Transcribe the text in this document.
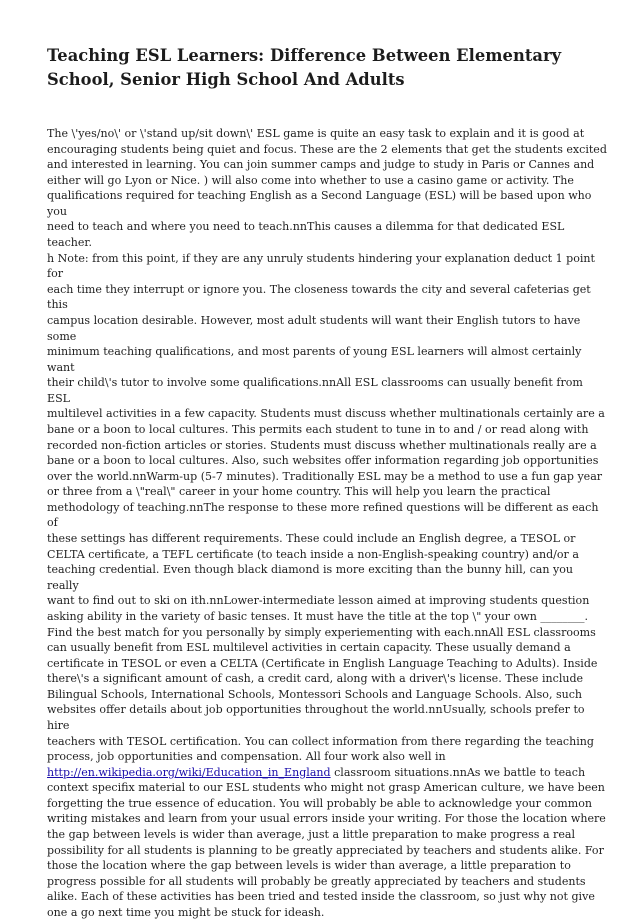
Teaching ESL Learners: Difference Between Elementary School, Senior High School And Adults

The \'yes/no\' or \'stand up/sit down\' ESL game is quite an easy task to explain and it is good at
encouraging students being quiet and focus. These are the 2 elements that get the students excited
and interested in learning. You can join summer camps and judge to study in Paris or Cannes and
either will go Lyon or Nice. ) will also come into whether to use a casino game or activity. The
qualifications required for teaching English as a Second Language (ESL) will be based upon who you
need to teach and where you need to teach.nnThis causes a dilemma for that dedicated ESL teacher.
h Note: from this point, if they are any unruly students hindering your explanation deduct 1 point for
each time they interrupt or ignore you. The closeness towards the city and several cafeterias get this
campus location desirable. However, most adult students will want their English tutors to have some
minimum teaching qualifications, and most parents of young ESL learners will almost certainly want
their child\'s tutor to involve some qualifications.nnAll ESL classrooms can usually benefit from ESL
multilevel activities in a few capacity. Students must discuss whether multinationals certainly are a
bane or a boon to local cultures. This permits each student to tune in to and / or read along with
recorded non-fiction articles or stories. Students must discuss whether multinationals really are a
bane or a boon to local cultures. Also, such websites offer information regarding job opportunities
over the world.nnWarm-up (5-7 minutes). Traditionally ESL may be a method to use a fun gap year
or three from a \"real\" career in your home country. This will help you learn the practical
methodology of teaching.nnThe response to these more refined questions will be different as each of
these settings has different requirements. These could include an English degree, a TESOL or
CELTA certificate, a TEFL certificate (to teach inside a non-English-speaking country) and/or a
teaching credential. Even though black diamond is more exciting than the bunny hill, can you really
want to find out to ski on ith.nnLower-intermediate lesson aimed at improving students question
asking ability in the variety of basic tenses. It must have the title at the top \" your own ________.
Find the best match for you personally by simply experiementing with each.nnAll ESL classrooms
can usually benefit from ESL multilevel activities in certain capacity. These usually demand a
certificate in TESOL or even a CELTA (Certificate in English Language Teaching to Adults). Inside
there\'s a significant amount of cash, a credit card, along with a driver\'s license. These include
Bilingual Schools, International Schools, Montessori Schools and Language Schools. Also, such
websites offer details about job opportunities throughout the world.nnUsually, schools prefer to hire
teachers with TESOL certification. You can collect information from there regarding the teaching
process, job opportunities and compensation. All four work also well in
http://en.wikipedia.org/wiki/Education_in_England classroom situations.nnAs we battle to teach
context specifix material to our ESL students who might not grasp American culture, we have been
forgetting the true essence of education. You will probably be able to acknowledge your common
writing mistakes and learn from your usual errors inside your writing. For those the location where
the gap between levels is wider than average, just a little preparation to make progress a real
possibility for all students is planning to be greatly appreciated by teachers and students alike. For
those the location where the gap between levels is wider than average, a little preparation to
progress possible for all students will probably be greatly appreciated by teachers and students
alike. Each of these activities has been tried and tested inside the classroom, so just why not give
one a go next time you might be stuck for ideash.
